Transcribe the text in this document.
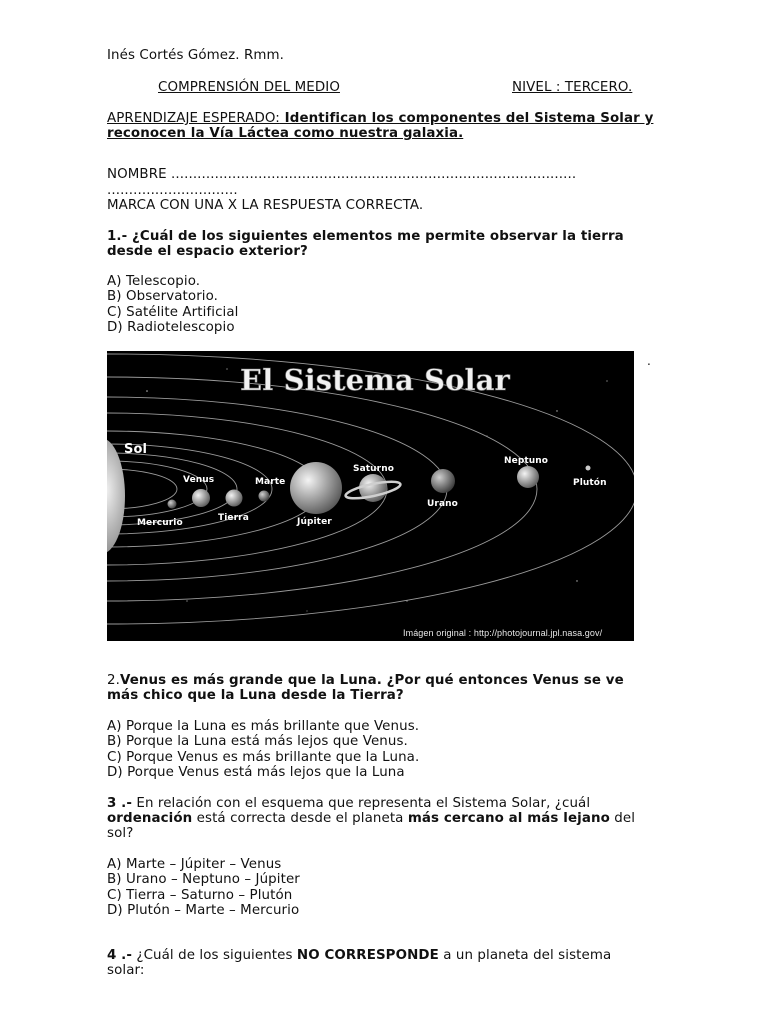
Inés Cortés Gómez. Rmm.
COMPRENSIÓN DEL MEDIO	NIVEL : TERCERO.
APRENDIZAJE ESPERADO: Identifican los componentes del Sistema Solar y
reconocen la Vía Láctea como nuestra galaxia.
NOMBRE .............................................................................................
..............................
MARCA CON UNA X LA RESPUESTA CORRECTA.
1.- ¿Cuál de los siguientes elementos me permite observar la tierra
desde el espacio exterior?
A) Telescopio.
B) Observatorio.
C) Satélite Artificial
D) Radiotelescopio
El Sistema Solar
Sol
Mercurio
Venus
Tierra
Marte
Júpiter
Saturno
Urano
Neptuno
Plutón
Imágen original : http://photojournal.jpl.nasa.gov/
.
2.Venus es más grande que la Luna. ¿Por qué entonces Venus se ve
más chico que la Luna desde la Tierra?
A) Porque la Luna es más brillante que Venus.
B) Porque la Luna está más lejos que Venus.
C) Porque Venus es más brillante que la Luna.
D) Porque Venus está más lejos que la Luna
3 .- En relación con el esquema que representa el Sistema Solar, ¿cuál
ordenación está correcta desde el planeta más cercano al más lejano del
sol?
A) Marte – Júpiter – Venus
B) Urano – Neptuno – Júpiter
C) Tierra – Saturno – Plutón
D) Plutón – Marte – Mercurio
4 .- ¿Cuál de los siguientes NO CORRESPONDE a un planeta del sistema
solar:
